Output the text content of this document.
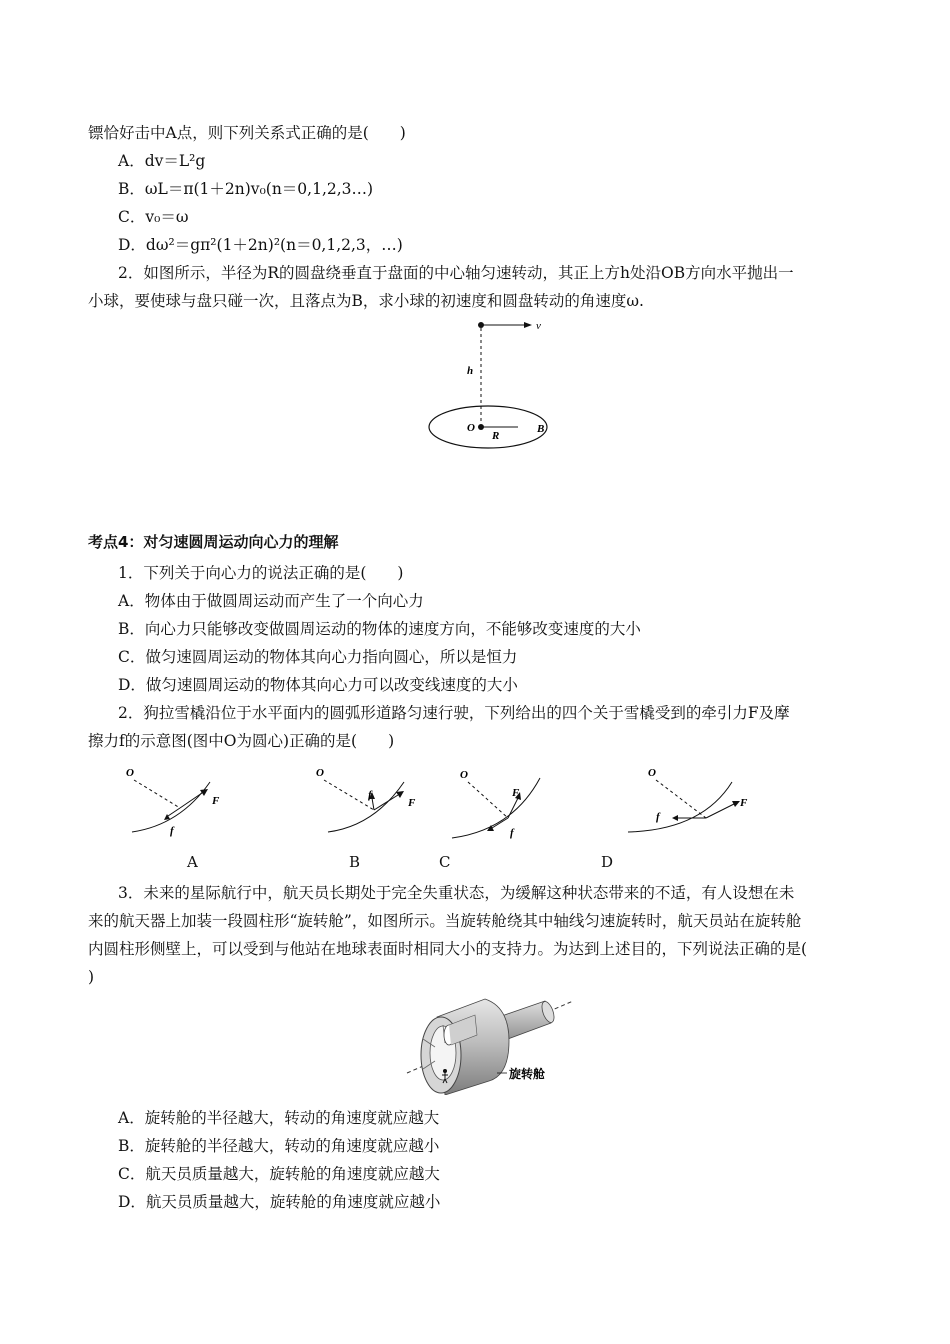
镖恰好击中A点，则下列关系式正确的是(　　)
A．dv＝L²g
B．ωL＝π(1＋2n)v₀(n＝0,1,2,3…)
C．v₀＝ω
D．dω²＝gπ²(1＋2n)²(n＝0,1,2,3，…)
2．如图所示，半径为R的圆盘绕垂直于盘面的中心轴匀速转动，其正上方h处沿OB方向水平抛出一
小球，要使球与盘只碰一次，且落点为B，求小球的初速度和圆盘转动的角速度ω.
v
h
O
R
B
考点4：对匀速圆周运动向心力的理解
1．下列关于向心力的说法正确的是(　　)
A．物体由于做圆周运动而产生了一个向心力
B．向心力只能够改变做圆周运动的物体的速度方向，不能够改变速度的大小
C．做匀速圆周运动的物体其向心力指向圆心，所以是恒力
D．做匀速圆周运动的物体其向心力可以改变线速度的大小
2．狗拉雪橇沿位于水平面内的圆弧形道路匀速行驶，下列给出的四个关于雪橇受到的牵引力F及摩
擦力f的示意图(图中O为圆心)正确的是(　　)
O
F
f
O
F
f
O
F
f
O
F
f
A	B	C	D
3．未来的星际航行中，航天员长期处于完全失重状态，为缓解这种状态带来的不适，有人设想在未
来的航天器上加装一段圆柱形“旋转舱”，如图所示。当旋转舱绕其中轴线匀速旋转时，航天员站在旋转舱
内圆柱形侧壁上，可以受到与他站在地球表面时相同大小的支持力。为达到上述目的，下列说法正确的是(
)
旋转舱
A．旋转舱的半径越大，转动的角速度就应越大
B．旋转舱的半径越大，转动的角速度就应越小
C．航天员质量越大，旋转舱的角速度就应越大
D．航天员质量越大，旋转舱的角速度就应越小
